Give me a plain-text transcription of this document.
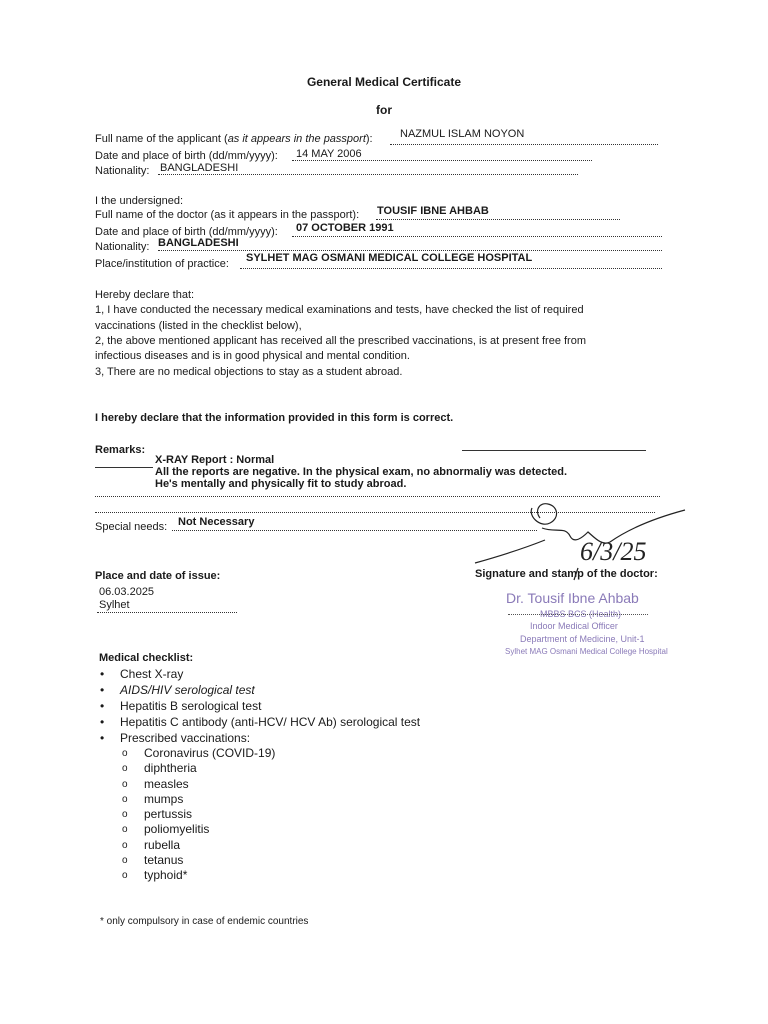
General Medical Certificate
for
Full name of the applicant (as it appears in the passport): NAZMUL ISLAM NOYON
Date and place of birth (dd/mm/yyyy): 14 MAY 2006
Nationality: BANGLADESHI
I the undersigned:
Full name of the doctor (as it appears in the passport): TOUSIF IBNE AHBAB
Date and place of birth (dd/mm/yyyy): 07 OCTOBER 1991
Nationality: BANGLADESHI
Place/institution of practice: SYLHET MAG OSMANI MEDICAL COLLEGE HOSPITAL
Hereby declare that:
1, I have conducted the necessary medical examinations and tests, have checked the list of required
vaccinations (listed in the checklist below),
2, the above mentioned applicant has received all the prescribed vaccinations, is at present free from
infectious diseases and is in good physical and mental condition.
3, There are no medical objections to stay as a student abroad.
I hereby declare that the information provided in this form is correct.
Remarks:
X-RAY Report : Normal
All the reports are negative. In the physical exam, no abnormaliy was detected.
He's mentally and physically fit to study abroad.
Special needs: Not Necessary
Place and date of issue:
06.03.2025
Sylhet
Signature and stamp of the doctor:
6/3/25
Dr. Tousif Ibne Ahbab
MBBS BCS (Health)
Indoor Medical Officer
Department of Medicine, Unit-1
Sylhet MAG Osmani Medical College Hospital
Medical checklist:
• Chest X-ray
• AIDS/HIV serological test
• Hepatitis B serological test
• Hepatitis C antibody (anti-HCV/ HCV Ab) serological test
• Prescribed vaccinations:
o Coronavirus (COVID-19)
o diphtheria
o measles
o mumps
o pertussis
o poliomyelitis
o rubella
o tetanus
o typhoid*
* only compulsory in case of endemic countries
